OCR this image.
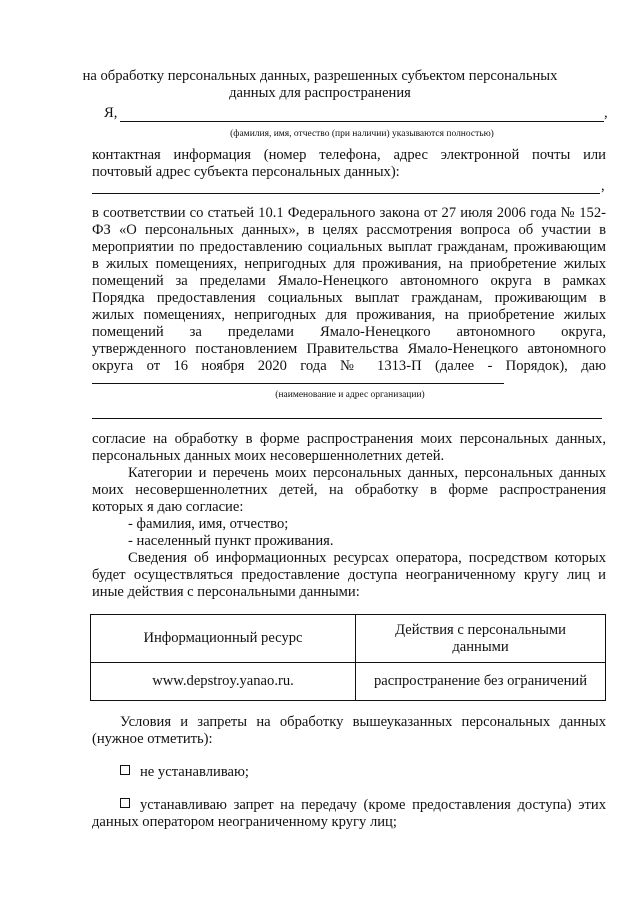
на обработку персональных данных, разрешенных субъектом персональных
данных для распространения
Я,	,
(фамилия, имя, отчество (при наличии) указываются полностью)
контактная информация (номер телефона, адрес электронной почты или
почтовый адрес субъекта персональных данных):
,
в соответствии со статьей 10.1 Федерального закона от 27 июля 2006 года № 152-
ФЗ «О персональных данных», в целях рассмотрения вопроса об участии в
мероприятии по предоставлению социальных выплат гражданам, проживающим
в жилых помещениях, непригодных для проживания, на приобретение жилых
помещений за пределами Ямало-Ненецкого автономного округа в рамках
Порядка предоставления социальных выплат гражданам, проживающим в
жилых помещениях, непригодных для проживания, на приобретение жилых
помещений за пределами Ямало-Ненецкого автономного округа,
утвержденного постановлением Правительства Ямало-Ненецкого автономного
округа от 16 ноября 2020 года № 1313-П (далее - Порядок), даю
(наименование и адрес организации)
согласие на обработку в форме распространения моих персональных данных,
персональных данных моих несовершеннолетних детей.
Категории и перечень моих персональных данных, персональных данных
моих несовершеннолетних детей, на обработку в форме распространения
которых я даю согласие:
- фамилия, имя, отчество;
- населенный пункт проживания.
Сведения об информационных ресурсах оператора, посредством которых
будет осуществляться предоставление доступа неограниченному кругу лиц и
иные действия с персональными данными:
Информационный ресурс	Действия с персональными
данными

www.depstroy.yanao.ru.	распространение без ограничений
Условия и запреты на обработку вышеуказанных персональных данных
(нужное отметить):
не устанавливаю;
устанавливаю запрет на передачу (кроме предоставления доступа) этих
данных оператором неограниченному кругу лиц;
